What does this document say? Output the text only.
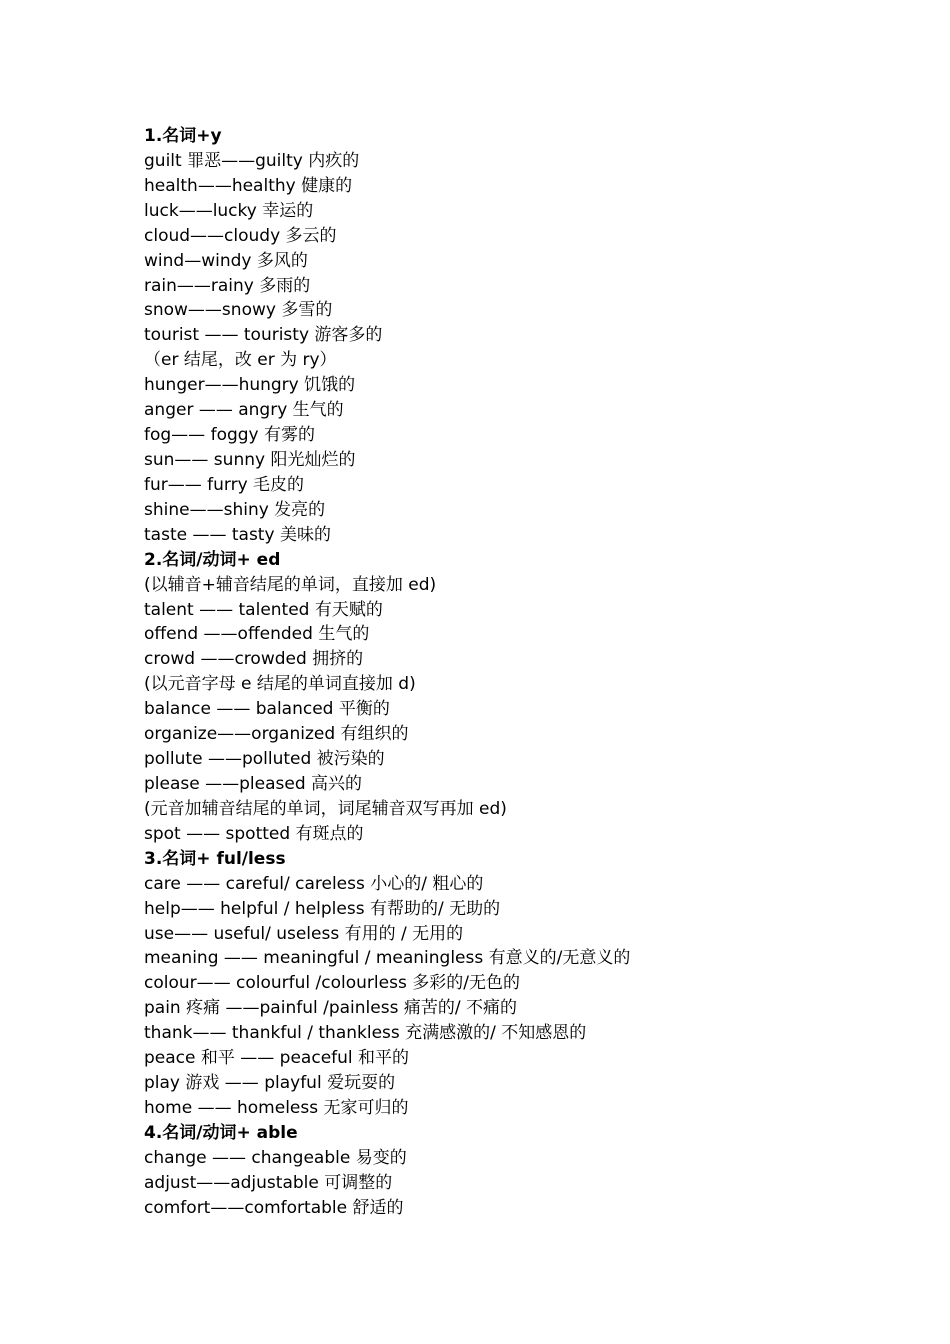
1.名词+y
guilt 罪恶——guilty 内疚的
health——healthy 健康的
luck——lucky 幸运的
cloud——cloudy 多云的
wind—windy 多风的
rain——rainy 多雨的
snow——snowy 多雪的
tourist —— touristy 游客多的
（er 结尾，改 er 为 ry）
hunger——hungry 饥饿的
anger —— angry 生气的
fog—— foggy 有雾的
sun—— sunny 阳光灿烂的
fur—— furry 毛皮的
shine——shiny 发亮的
taste —— tasty 美味的
2.名词/动词+ ed
(以辅音+辅音结尾的单词，直接加 ed)
talent —— talented 有天赋的
offend ——offended 生气的
crowd ——crowded 拥挤的
(以元音字母 e 结尾的单词直接加 d)
balance —— balanced 平衡的
organize——organized 有组织的
pollute ——polluted 被污染的
please ——pleased 高兴的
(元音加辅音结尾的单词，词尾辅音双写再加 ed)
spot —— spotted 有斑点的
3.名词+ ful/less
care —— careful/ careless 小心的/ 粗心的
help—— helpful / helpless 有帮助的/ 无助的
use—— useful/ useless 有用的 / 无用的
meaning —— meaningful / meaningless 有意义的/无意义的
colour—— colourful /colourless 多彩的/无色的
pain 疼痛 ——painful /painless 痛苦的/ 不痛的
thank—— thankful / thankless 充满感激的/ 不知感恩的
peace 和平 —— peaceful 和平的
play 游戏 —— playful 爱玩耍的
home —— homeless 无家可归的
4.名词/动词+ able
change —— changeable 易变的
adjust——adjustable 可调整的
comfort——comfortable 舒适的
